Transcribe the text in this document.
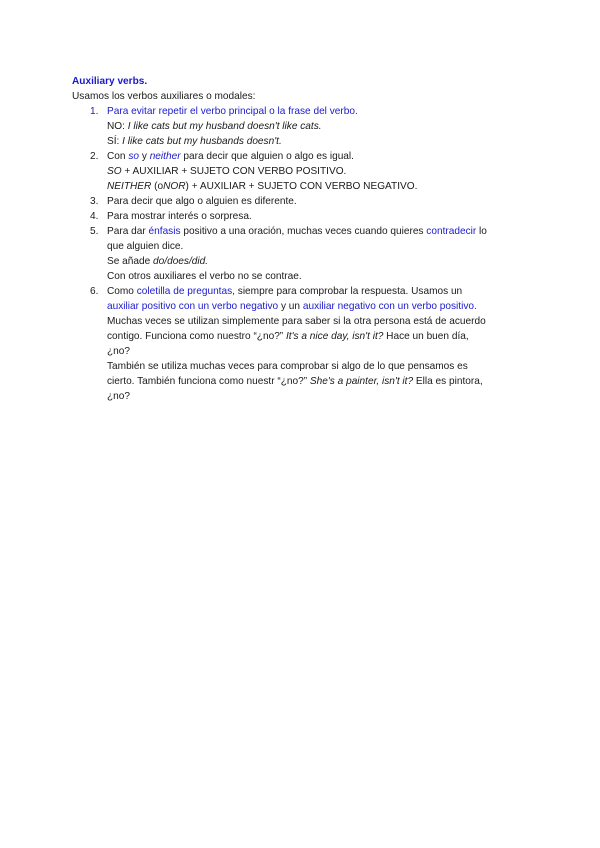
Auxiliary verbs.
Usamos los verbos auxiliares o modales:
1. Para evitar repetir el verbo principal o la frase del verbo.
NO: I like cats but my husband doesn't like cats.
SÍ: I like cats but my husbands doesn't.
2. Con so y neither para decir que alguien o algo es igual.
SO + AUXILIAR + SUJETO CON VERBO POSITIVO.
NEITHER (oNOR) + AUXILIAR + SUJETO CON VERBO NEGATIVO.
3. Para decir que algo o alguien es diferente.
4. Para mostrar interés o sorpresa.
5. Para dar énfasis positivo a una oración, muchas veces cuando quieres contradecir lo
que alguien dice.
Se añade do/does/did.
Con otros auxiliares el verbo no se contrae.
6. Como coletilla de preguntas, siempre para comprobar la respuesta. Usamos un
auxiliar positivo con un verbo negativo y un auxiliar negativo con un verbo positivo.
Muchas veces se utilizan simplemente para saber si la otra persona está de acuerdo
contigo. Funciona como nuestro “¿no?” It's a nice day, isn't it? Hace un buen día,
¿no?
También se utiliza muchas veces para comprobar si algo de lo que pensamos es
cierto. También funciona como nuestr “¿no?” She's a painter, isn't it? Ella es pintora,
¿no?
